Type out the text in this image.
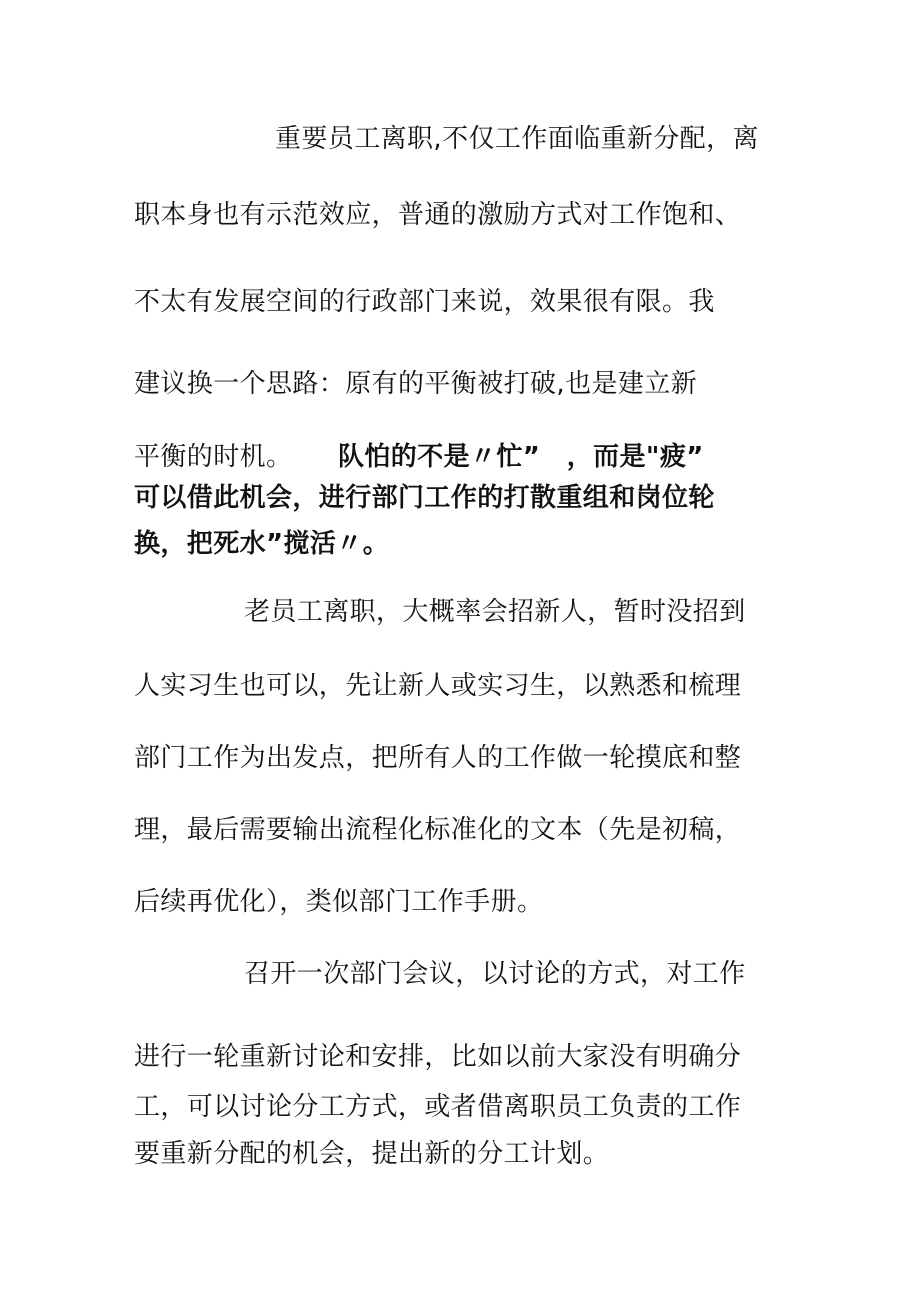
重要员工离职,不仅工作面临重新分配，离
职本身也有示范效应，普通的激励方式对工作饱和、
不太有发展空间的行政部门来说，效果很有限。我
建议换一个思路：原有的平衡被打破,也是建立新
平衡的时机。 队怕的不是〃忙”　，而是"疲”
可以借此机会，进行部门工作的打散重组和岗位轮
换，把死水”搅活〃。
老员工离职，大概率会招新人，暂时没招到
人实习生也可以，先让新人或实习生，以熟悉和梳理
部门工作为出发点，把所有人的工作做一轮摸底和整
理，最后需要输出流程化标准化的文本（先是初稿，
后续再优化），类似部门工作手册。
召开一次部门会议，以讨论的方式，对工作
进行一轮重新讨论和安排，比如以前大家没有明确分
工，可以讨论分工方式，或者借离职员工负责的工作
要重新分配的机会，提出新的分工计划。
